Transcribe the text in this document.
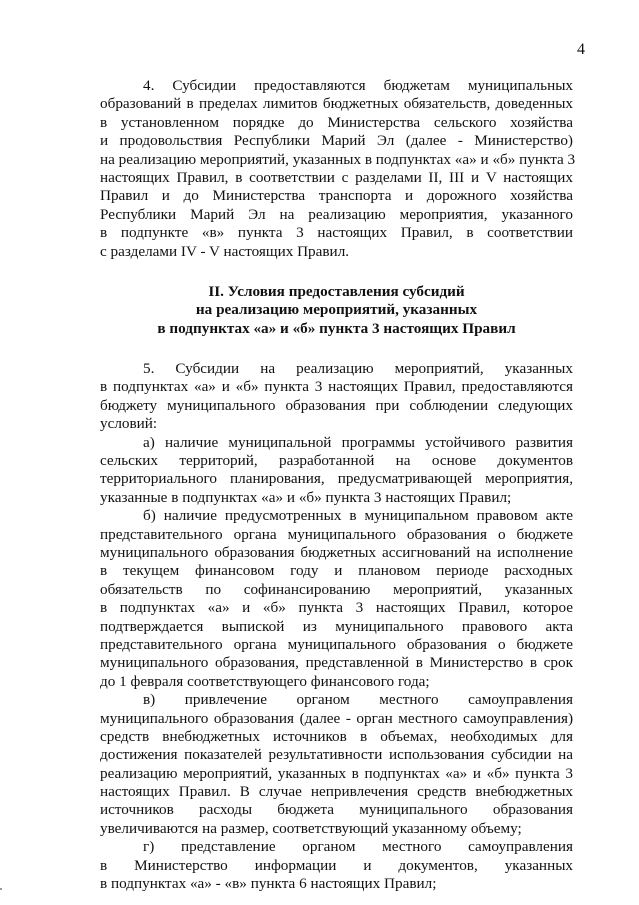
4
4. Субсидии предоставляются бюджетам муниципальных
образований в пределах лимитов бюджетных обязательств, доведенных
в установленном порядке до Министерства сельского хозяйства
и продовольствия Республики Марий Эл (далее - Министерство)
на реализацию мероприятий, указанных в подпунктах «а» и «б» пункта 3
настоящих Правил, в соответствии с разделами II, III и V настоящих
Правил и до Министерства транспорта и дорожного хозяйства
Республики Марий Эл на реализацию мероприятия, указанного
в подпункте «в» пункта 3 настоящих Правил, в соответствии
с разделами IV - V настоящих Правил.
II. Условия предоставления субсидий
на реализацию мероприятий, указанных
в подпунктах «а» и «б» пункта 3 настоящих Правил
5. Субсидии на реализацию мероприятий, указанных
в подпунктах «а» и «б» пункта 3 настоящих Правил, предоставляются
бюджету муниципального образования при соблюдении следующих
условий:
а) наличие муниципальной программы устойчивого развития
сельских территорий, разработанной на основе документов
территориального планирования, предусматривающей мероприятия,
указанные в подпунктах «а» и «б» пункта 3 настоящих Правил;
б) наличие предусмотренных в муниципальном правовом акте
представительного органа муниципального образования о бюджете
муниципального образования бюджетных ассигнований на исполнение
в текущем финансовом году и плановом периоде расходных
обязательств по софинансированию мероприятий, указанных
в подпунктах «а» и «б» пункта 3 настоящих Правил, которое
подтверждается выпиской из муниципального правового акта
представительного органа муниципального образования о бюджете
муниципального образования, представленной в Министерство в срок
до 1 февраля соответствующего финансового года;
в) привлечение органом местного самоуправления
муниципального образования (далее - орган местного самоуправления)
средств внебюджетных источников в объемах, необходимых для
достижения показателей результативности использования субсидии на
реализацию мероприятий, указанных в подпунктах «а» и «б» пункта 3
настоящих Правил. В случае непривлечения средств внебюджетных
источников расходы бюджета муниципального образования
увеличиваются на размер, соответствующий указанному объему;
г) представление органом местного самоуправления
в Министерство информации и документов, указанных
в подпунктах «а» - «в» пункта 6 настоящих Правил;
